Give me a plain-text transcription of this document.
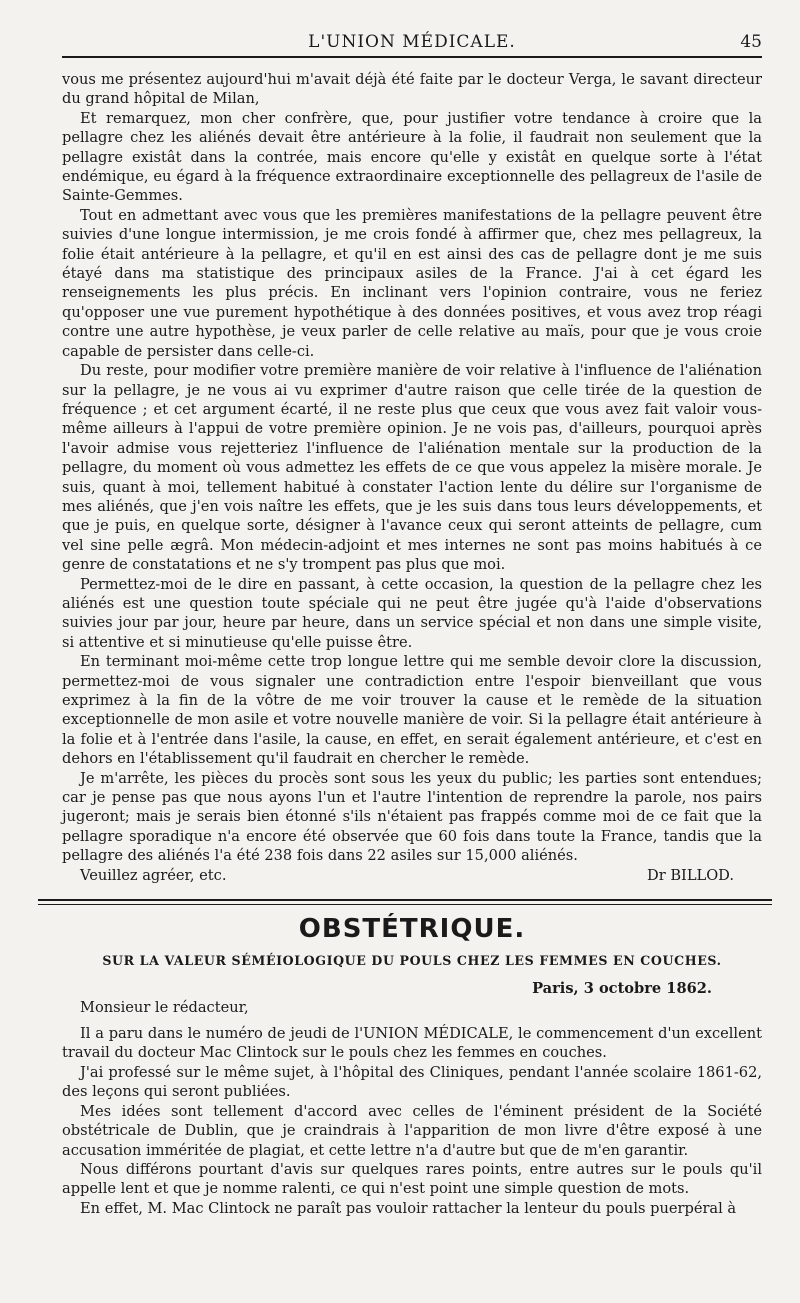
L'UNION MÉDICALE.	45

vous me présentez aujourd'hui m'avait déjà été faite par le docteur Verga, le savant directeur du grand hôpital de Milan,

Et remarquez, mon cher confrère, que, pour justifier votre tendance à croire que la pellagre chez les aliénés devait être antérieure à la folie, il faudrait non seulement que la pellagre existât dans la contrée, mais encore qu'elle y existât en quelque sorte à l'état endémique, eu égard à la fréquence extraordinaire exceptionnelle des pellagreux de l'asile de Sainte-Gemmes.

Tout en admettant avec vous que les premières manifestations de la pellagre peuvent être suivies d'une longue intermission, je me crois fondé à affirmer que, chez mes pellagreux, la folie était antérieure à la pellagre, et qu'il en est ainsi des cas de pellagre dont je me suis étayé dans ma statistique des principaux asiles de la France. J'ai à cet égard les renseignements les plus précis. En inclinant vers l'opinion contraire, vous ne feriez qu'opposer une vue purement hypothétique à des données positives, et vous avez trop réagi contre une autre hypothèse, je veux parler de celle relative au maïs, pour que je vous croie capable de persister dans celle-ci.

Du reste, pour modifier votre première manière de voir relative à l'influence de l'aliénation sur la pellagre, je ne vous ai vu exprimer d'autre raison que celle tirée de la question de fréquence ; et cet argument écarté, il ne reste plus que ceux que vous avez fait valoir vous-même ailleurs à l'appui de votre première opinion. Je ne vois pas, d'ailleurs, pourquoi après l'avoir admise vous rejetteriez l'influence de l'aliénation mentale sur la production de la pellagre, du moment où vous admettez les effets de ce que vous appelez la misère morale. Je suis, quant à moi, tellement habitué à constater l'action lente du délire sur l'organisme de mes aliénés, que j'en vois naître les effets, que je les suis dans tous leurs développements, et que je puis, en quelque sorte, désigner à l'avance ceux qui seront atteints de pellagre, cum vel sine pelle ægrâ. Mon médecin-adjoint et mes internes ne sont pas moins habitués à ce genre de constatations et ne s'y trompent pas plus que moi.

Permettez-moi de le dire en passant, à cette occasion, la question de la pellagre chez les aliénés est une question toute spéciale qui ne peut être jugée qu'à l'aide d'observations suivies jour par jour, heure par heure, dans un service spécial et non dans une simple visite, si attentive et si minutieuse qu'elle puisse être.

En terminant moi-même cette trop longue lettre qui me semble devoir clore la discussion, permettez-moi de vous signaler une contradiction entre l'espoir bienveillant que vous exprimez à la fin de la vôtre de me voir trouver la cause et le remède de la situation exceptionnelle de mon asile et votre nouvelle manière de voir. Si la pellagre était antérieure à la folie et à l'entrée dans l'asile, la cause, en effet, en serait également antérieure, et c'est en dehors en l'établissement qu'il faudrait en chercher le remède.

Je m'arrête, les pièces du procès sont sous les yeux du public; les parties sont entendues; car je pense pas que nous ayons l'un et l'autre l'intention de reprendre la parole, nos pairs jugeront; mais je serais bien étonné s'ils n'étaient pas frappés comme moi de ce fait que la pellagre sporadique n'a encore été observée que 60 fois dans toute la France, tandis que la pellagre des aliénés l'a été 238 fois dans 22 asiles sur 15,000 aliénés.

Veuillez agréer, etc.	Dr BILLOD.

OBSTÉTRIQUE.
SUR LA VALEUR SÉMÉIOLOGIQUE DU POULS CHEZ LES FEMMES EN COUCHES.
Paris, 3 octobre 1862.
Monsieur le rédacteur,

Il a paru dans le numéro de jeudi de l'UNION MÉDICALE, le commencement d'un excellent travail du docteur Mac Clintock sur le pouls chez les femmes en couches.

J'ai professé sur le même sujet, à l'hôpital des Cliniques, pendant l'année scolaire 1861-62, des leçons qui seront publiées.

Mes idées sont tellement d'accord avec celles de l'éminent président de la Société obstétricale de Dublin, que je craindrais à l'apparition de mon livre d'être exposé à une accusation imméritée de plagiat, et cette lettre n'a d'autre but que de m'en garantir.

Nous différons pourtant d'avis sur quelques rares points, entre autres sur le pouls qu'il appelle lent et que je nomme ralenti, ce qui n'est point une simple question de mots.

En effet, M. Mac Clintock ne paraît pas vouloir rattacher la lenteur du pouls puerpéral à
